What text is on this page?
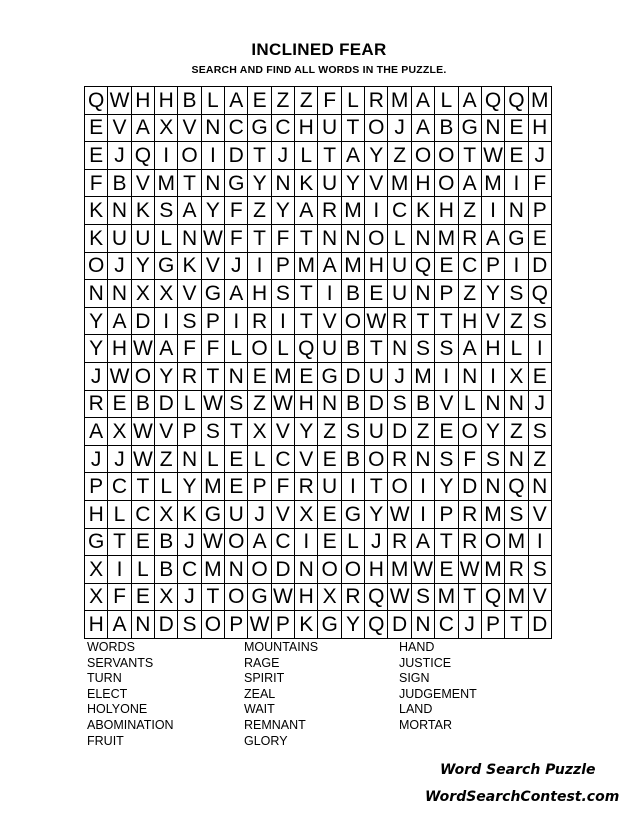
INCLINED FEAR
SEARCH AND FIND ALL WORDS IN THE PUZZLE.
Q	W	H	H	B	L	A	E	Z	Z	F	L	R	M	A	L	A	Q	Q	M
E	V	A	X	V	N	C	G	C	H	U	T	O	J	A	B	G	N	E	H
E	J	Q	I	O	I	D	T	J	L	T	A	Y	Z	O	O	T	W	E	J
F	B	V	M	T	N	G	Y	N	K	U	Y	V	M	H	O	A	M	I	F
K	N	K	S	A	Y	F	Z	Y	A	R	M	I	C	K	H	Z	I	N	P
K	U	U	L	N	W	F	T	F	T	N	N	O	L	N	M	R	A	G	E
O	J	Y	G	K	V	J	I	P	M	A	M	H	U	Q	E	C	P	I	D
N	N	X	X	V	G	A	H	S	T	I	B	E	U	N	P	Z	Y	S	Q
Y	A	D	I	S	P	I	R	I	T	V	O	W	R	T	T	H	V	Z	S
Y	H	W	A	F	F	L	O	L	Q	U	B	T	N	S	S	A	H	L	I
J	W	O	Y	R	T	N	E	M	E	G	D	U	J	M	I	N	I	X	E
R	E	B	D	L	W	S	Z	W	H	N	B	D	S	B	V	L	N	N	J
A	X	W	V	P	S	T	X	V	Y	Z	S	U	D	Z	E	O	Y	Z	S
J	J	W	Z	N	L	E	L	C	V	E	B	O	R	N	S	F	S	N	Z
P	C	T	L	Y	M	E	P	F	R	U	I	T	O	I	Y	D	N	Q	N
H	L	C	X	K	G	U	J	V	X	E	G	Y	W	I	P	R	M	S	V
G	T	E	B	J	W	O	A	C	I	E	L	J	R	A	T	R	O	M	I
X	I	L	B	C	M	N	O	D	N	O	O	H	M	W	E	W	M	R	S
X	F	E	X	J	T	O	G	W	H	X	R	Q	W	S	M	T	Q	M	V
H	A	N	D	S	O	P	W	P	K	G	Y	Q	D	N	C	J	P	T	D
WORDS
SERVANTS
TURN
ELECT
HOLYONE
ABOMINATION
FRUIT
MOUNTAINS
RAGE
SPIRIT
ZEAL
WAIT
REMNANT
GLORY
HAND
JUSTICE
SIGN
JUDGEMENT
LAND
MORTAR
Word Search Puzzle
WordSearchContest.com
